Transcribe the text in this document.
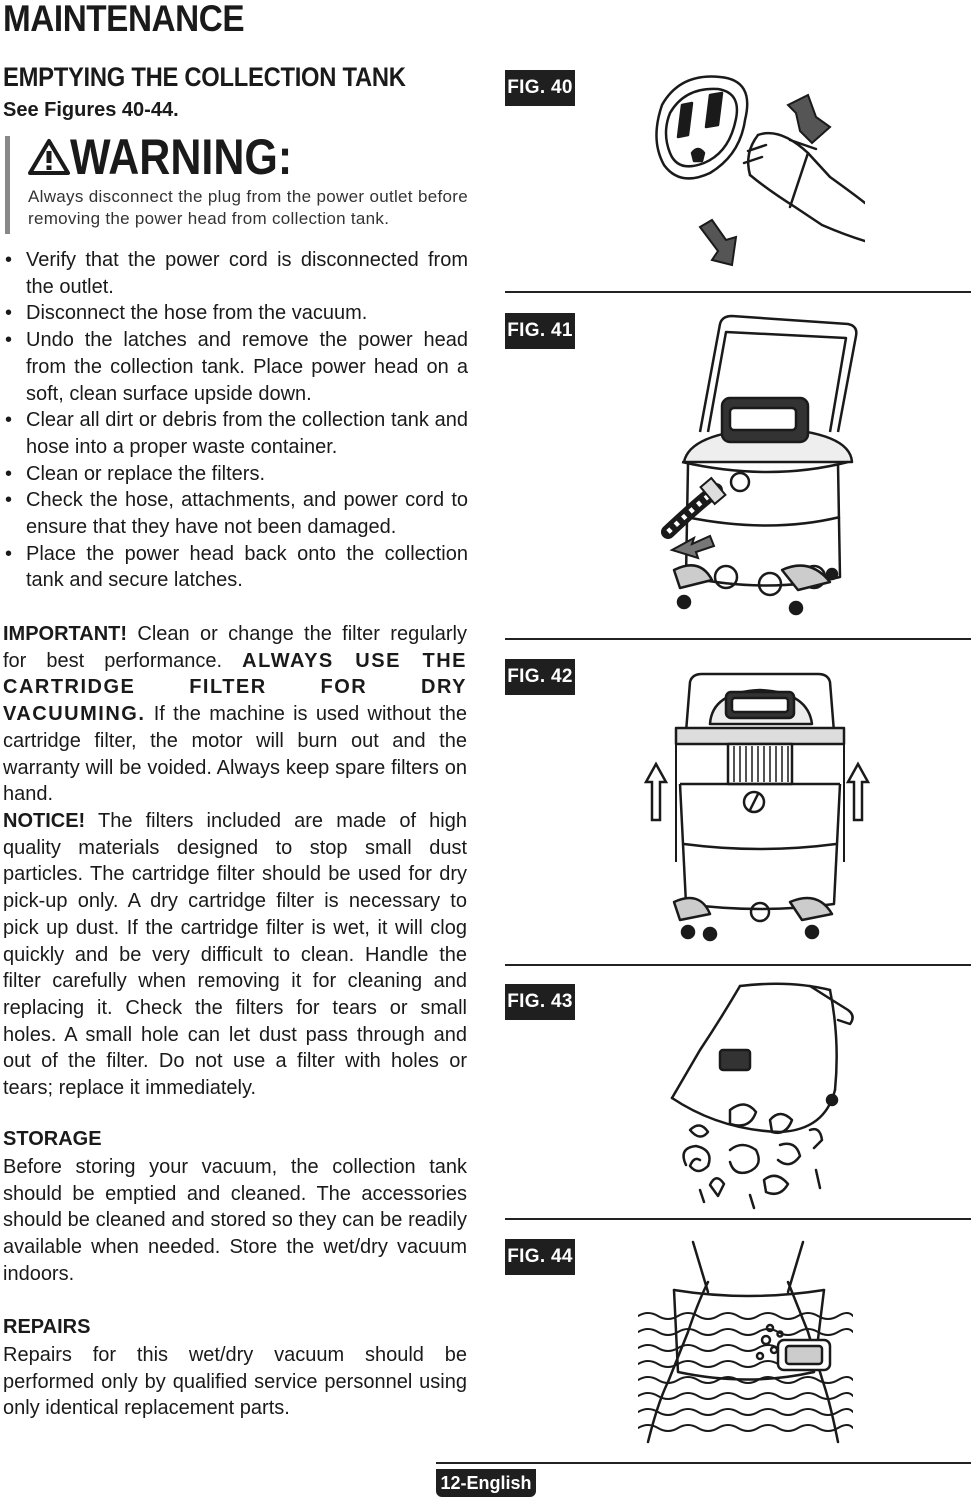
MAINTENANCE
EMPTYING THE COLLECTION TANK
See Figures 40-44.
WARNING:
Always disconnect the plug from the power outlet before removing the power head from collection tank.
• Verify that the power cord is disconnected from the outlet.
• Disconnect the hose from the vacuum.
• Undo the latches and remove the power head from the collection tank. Place power head on a soft, clean surface upside down.
• Clear all dirt or debris from the collection tank and hose into a proper waste container.
• Clean or replace the filters.
• Check the hose, attachments, and power cord to ensure that they have not been damaged.
• Place the power head back onto the collection tank and secure latches.

IMPORTANT! Clean or change the filter regularly for best performance. ALWAYS USE THE CARTRIDGE FILTER FOR DRY VACUUMING. If the machine is used without the cartridge filter, the motor will burn out and the warranty will be voided. Always keep spare filters on hand.

NOTICE! The filters included are made of high quality materials designed to stop small dust particles. The cartridge filter should be used for dry pick-up only. A dry cartridge filter is necessary to pick up dust. If the cartridge filter is wet, it will clog quickly and be very difficult to clean. Handle the filter carefully when removing it for cleaning and replacing it. Check the filters for tears or small holes. A small hole can let dust pass through and out of the filter. Do not use a filter with holes or tears; replace it immediately.

STORAGE

Before storing your vacuum, the collection tank should be emptied and cleaned. The accessories should be cleaned and stored so they can be readily available when needed. Store the wet/dry vacuum indoors.

REPAIRS

Repairs for this wet/dry vacuum should be performed only by qualified service personnel using only identical replacement parts.

FIG. 40
FIG. 41
FIG. 42
FIG. 43
FIG. 44
12-English
